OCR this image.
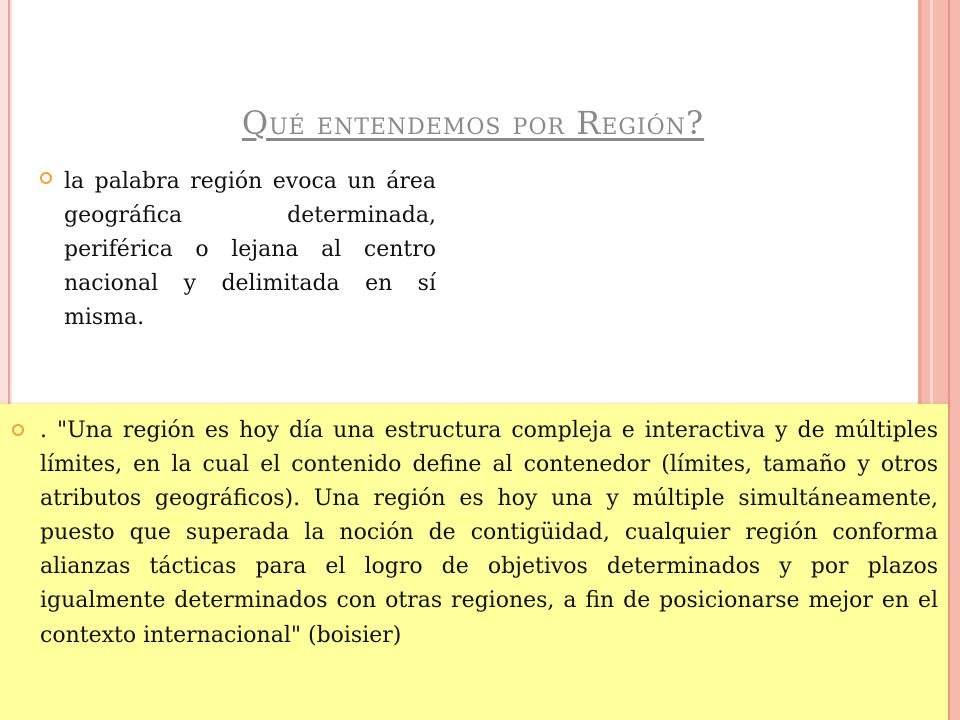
Qué entendemos por Región?
la palabra región evoca un área geográfica determinada, periférica o lejana al centro nacional y delimitada en sí misma.
. "Una región es hoy día una estructura compleja e interactiva y de múltiples límites, en la cual el contenido define al contenedor (límites, tamaño y otros atributos geográficos). Una región es hoy una y múltiple simultáneamente, puesto que superada la noción de contigüidad, cualquier región conforma alianzas tácticas para el logro de objetivos determinados y por plazos igualmente determinados con otras regiones, a fin de posicionarse mejor en el contexto internacional" (boisier)
